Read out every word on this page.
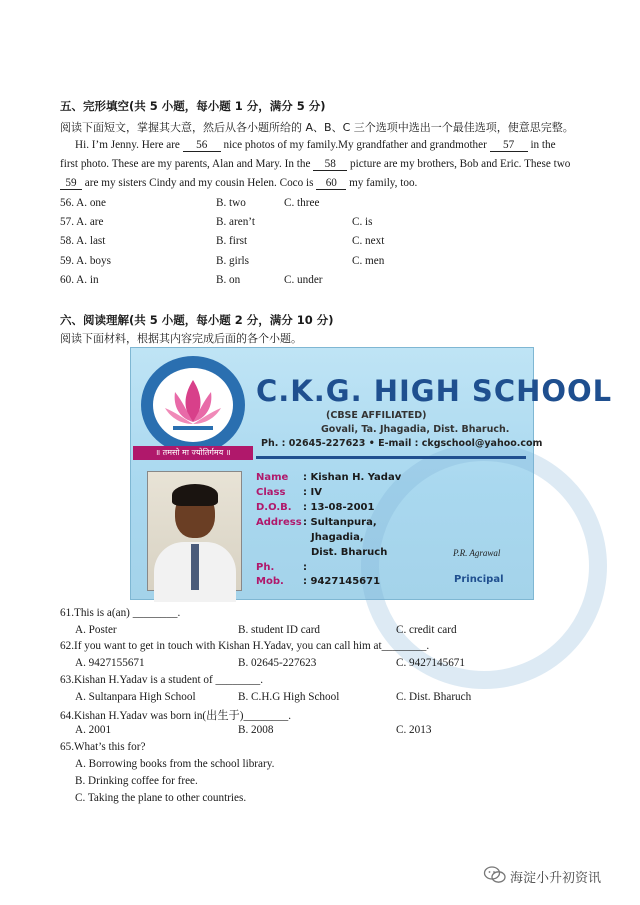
五、完形填空(共 5 小题，每小题 1 分，满分 5 分)
阅读下面短文，掌握其大意，然后从各小题所给的 A、B、C 三个选项中选出一个最佳选项，使意思完整。
Hi. I’m Jenny. Here are 56 nice photos of my family.My grandfather and grandmother 57 in the
first photo. These are my parents, Alan and Mary. In the 58 picture are my brothers, Bob and Eric. These two
59 are my sisters Cindy and my cousin Helen. Coco is 60 my family, too.
56. A. one	B. two	C. three
57. A. are	B. aren’t	C. is
58. A. last	B. first	C. next
59. A. boys	B. girls	C. men
60. A. in	B. on	C. under
六、阅读理解(共 5 小题，每小题 2 分，满分 10 分)
阅读下面材料，根据其内容完成后面的各个小题。
॥ तमसो मा ज्योतिर्गमय ॥
C.K.G. HIGH SCHOOL
(CBSE AFFILIATED)
Govali, Ta. Jhagadia, Dist. Bharuch.
Ph. : 02645-227623 • E-mail : ckgschool@yahoo.com
Name : Kishan H. Yadav
Class : IV
D.O.B. : 13-08-2001
Address : Sultanpura,
Jhagadia,
Dist. Bharuch
Ph.	:
Mob. : 9427145671
P.R. Agrawal
Principal
61.This is a(an) ________.
A. Poster	B. student ID card	C. credit card
62.If you want to get in touch with Kishan H.Yadav, you can call him at________.
A. 9427155671	B. 02645-227623	C. 9427145671
63.Kishan H.Yadav is a student of ________.
A. Sultanpara High School	B. C.H.G High School	C. Dist. Bharuch
64.Kishan H.Yadav was born in(出生于)________.
A. 2001	B. 2008	C. 2013
65.What’s this for?
A. Borrowing books from the school library.
B. Drinking coffee for free.
C. Taking the plane to other countries.
海淀小升初资讯
